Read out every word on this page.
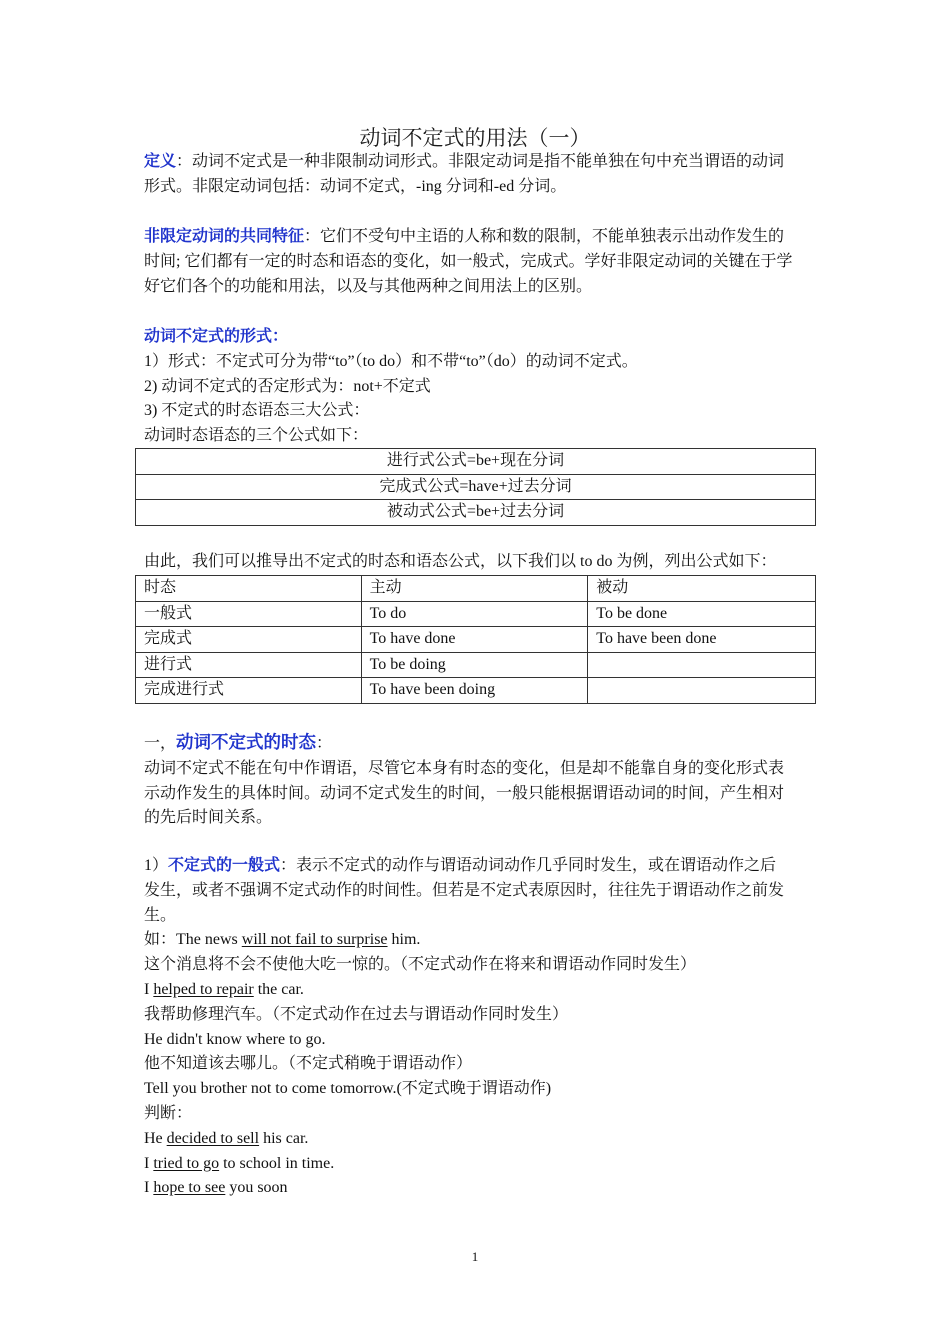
动词不定式的用法（一）
定义：动词不定式是一种非限制动词形式。非限定动词是指不能单独在句中充当谓语的动词
形式。非限定动词包括：动词不定式，-ing 分词和-ed 分词。
非限定动词的共同特征：它们不受句中主语的人称和数的限制，不能单独表示出动作发生的
时间; 它们都有一定的时态和语态的变化，如一般式，完成式。学好非限定动词的关键在于学
好它们各个的功能和用法，以及与其他两种之间用法上的区别。
动词不定式的形式：
1）形式：不定式可分为带“to”（to do）和不带“to”（do）的动词不定式。
2) 动词不定式的否定形式为：not+不定式
3) 不定式的时态语态三大公式：
动词时态语态的三个公式如下：
进行式公式=be+现在分词
完成式公式=have+过去分词
被动式公式=be+过去分词
由此，我们可以推导出不定式的时态和语态公式，以下我们以 to do 为例，列出公式如下：
时态	主动	被动
一般式	To do	To be done
完成式	To have done	To have been done
进行式	To be doing	
完成进行式	To have been doing	
一，动词不定式的时态：
动词不定式不能在句中作谓语，尽管它本身有时态的变化，但是却不能靠自身的变化形式表
示动作发生的具体时间。动词不定式发生的时间，一般只能根据谓语动词的时间，产生相对
的先后时间关系。
1）不定式的一般式：表示不定式的动作与谓语动词动作几乎同时发生，或在谓语动作之后
发生，或者不强调不定式动作的时间性。但若是不定式表原因时，往往先于谓语动作之前发
生。
如：The news will not fail to surprise him.
这个消息将不会不使他大吃一惊的。（不定式动作在将来和谓语动作同时发生）
I helped to repair the car.
我帮助修理汽车。（不定式动作在过去与谓语动作同时发生）
He didn't know where to go.
他不知道该去哪儿。（不定式稍晚于谓语动作）
Tell you brother not to come tomorrow.(不定式晚于谓语动作)
判断：
He decided to sell his car.
I tried to go to school in time.
I hope to see you soon
1
